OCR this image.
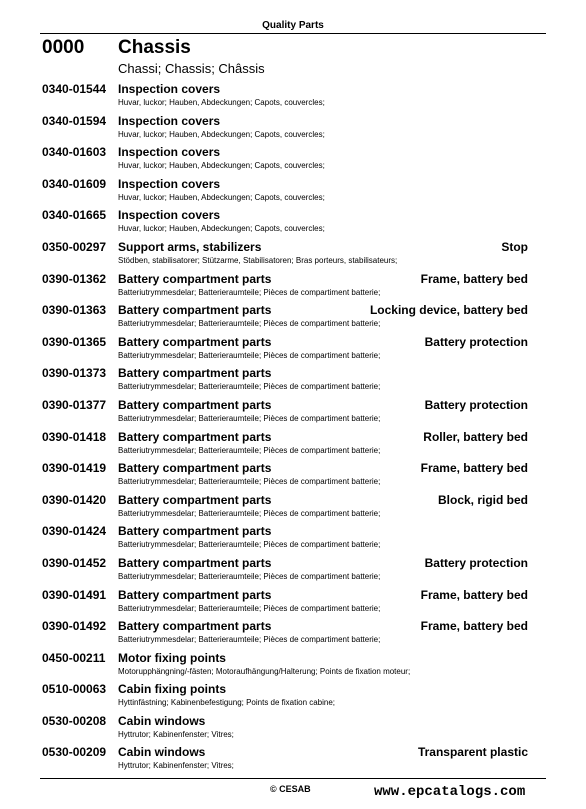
Quality Parts
0000 Chassis
Chassi; Chassis; Châssis
0340-01544 Inspection covers
Huvar, luckor; Hauben, Abdeckungen; Capots, couvercles;
0340-01594 Inspection covers
Huvar, luckor; Hauben, Abdeckungen; Capots, couvercles;
0340-01603 Inspection covers
Huvar, luckor; Hauben, Abdeckungen; Capots, couvercles;
0340-01609 Inspection covers
Huvar, luckor; Hauben, Abdeckungen; Capots, couvercles;
0340-01665 Inspection covers
Huvar, luckor; Hauben, Abdeckungen; Capots, couvercles;
0350-00297 Support arms, stabilizers	Stop
Stödben, stabilisatorer; Stützarme, Stabilisatoren; Bras porteurs, stabilisateurs;
0390-01362 Battery compartment parts	Frame, battery bed
Batteriutrymmesdelar; Batterieraumteile; Pièces de compartiment batterie;
0390-01363 Battery compartment parts	Locking device, battery bed
Batteriutrymmesdelar; Batterieraumteile; Pièces de compartiment batterie;
0390-01365 Battery compartment parts	Battery protection
Batteriutrymmesdelar; Batterieraumteile; Pièces de compartiment batterie;
0390-01373 Battery compartment parts
Batteriutrymmesdelar; Batterieraumteile; Pièces de compartiment batterie;
0390-01377 Battery compartment parts	Battery protection
Batteriutrymmesdelar; Batterieraumteile; Pièces de compartiment batterie;
0390-01418 Battery compartment parts	Roller, battery bed
Batteriutrymmesdelar; Batterieraumteile; Pièces de compartiment batterie;
0390-01419 Battery compartment parts	Frame, battery bed
Batteriutrymmesdelar; Batterieraumteile; Pièces de compartiment batterie;
0390-01420 Battery compartment parts	Block, rigid bed
Batteriutrymmesdelar; Batterieraumteile; Pièces de compartiment batterie;
0390-01424 Battery compartment parts
Batteriutrymmesdelar; Batterieraumteile; Pièces de compartiment batterie;
0390-01452 Battery compartment parts	Battery protection
Batteriutrymmesdelar; Batterieraumteile; Pièces de compartiment batterie;
0390-01491 Battery compartment parts	Frame, battery bed
Batteriutrymmesdelar; Batterieraumteile; Pièces de compartiment batterie;
0390-01492 Battery compartment parts	Frame, battery bed
Batteriutrymmesdelar; Batterieraumteile; Pièces de compartiment batterie;
0450-00211 Motor fixing points
Motorupphängning/-fästen; Motoraufhängung/Halterung; Points de fixation moteur;
0510-00063 Cabin fixing points
Hyttinfästning; Kabinenbefestigung; Points de fixation cabine;
0530-00208 Cabin windows
Hyttrutor; Kabinenfenster; Vitres;
0530-00209 Cabin windows	Transparent plastic
Hyttrutor; Kabinenfenster; Vitres;
© CESAB	www.epcatalogs.com
